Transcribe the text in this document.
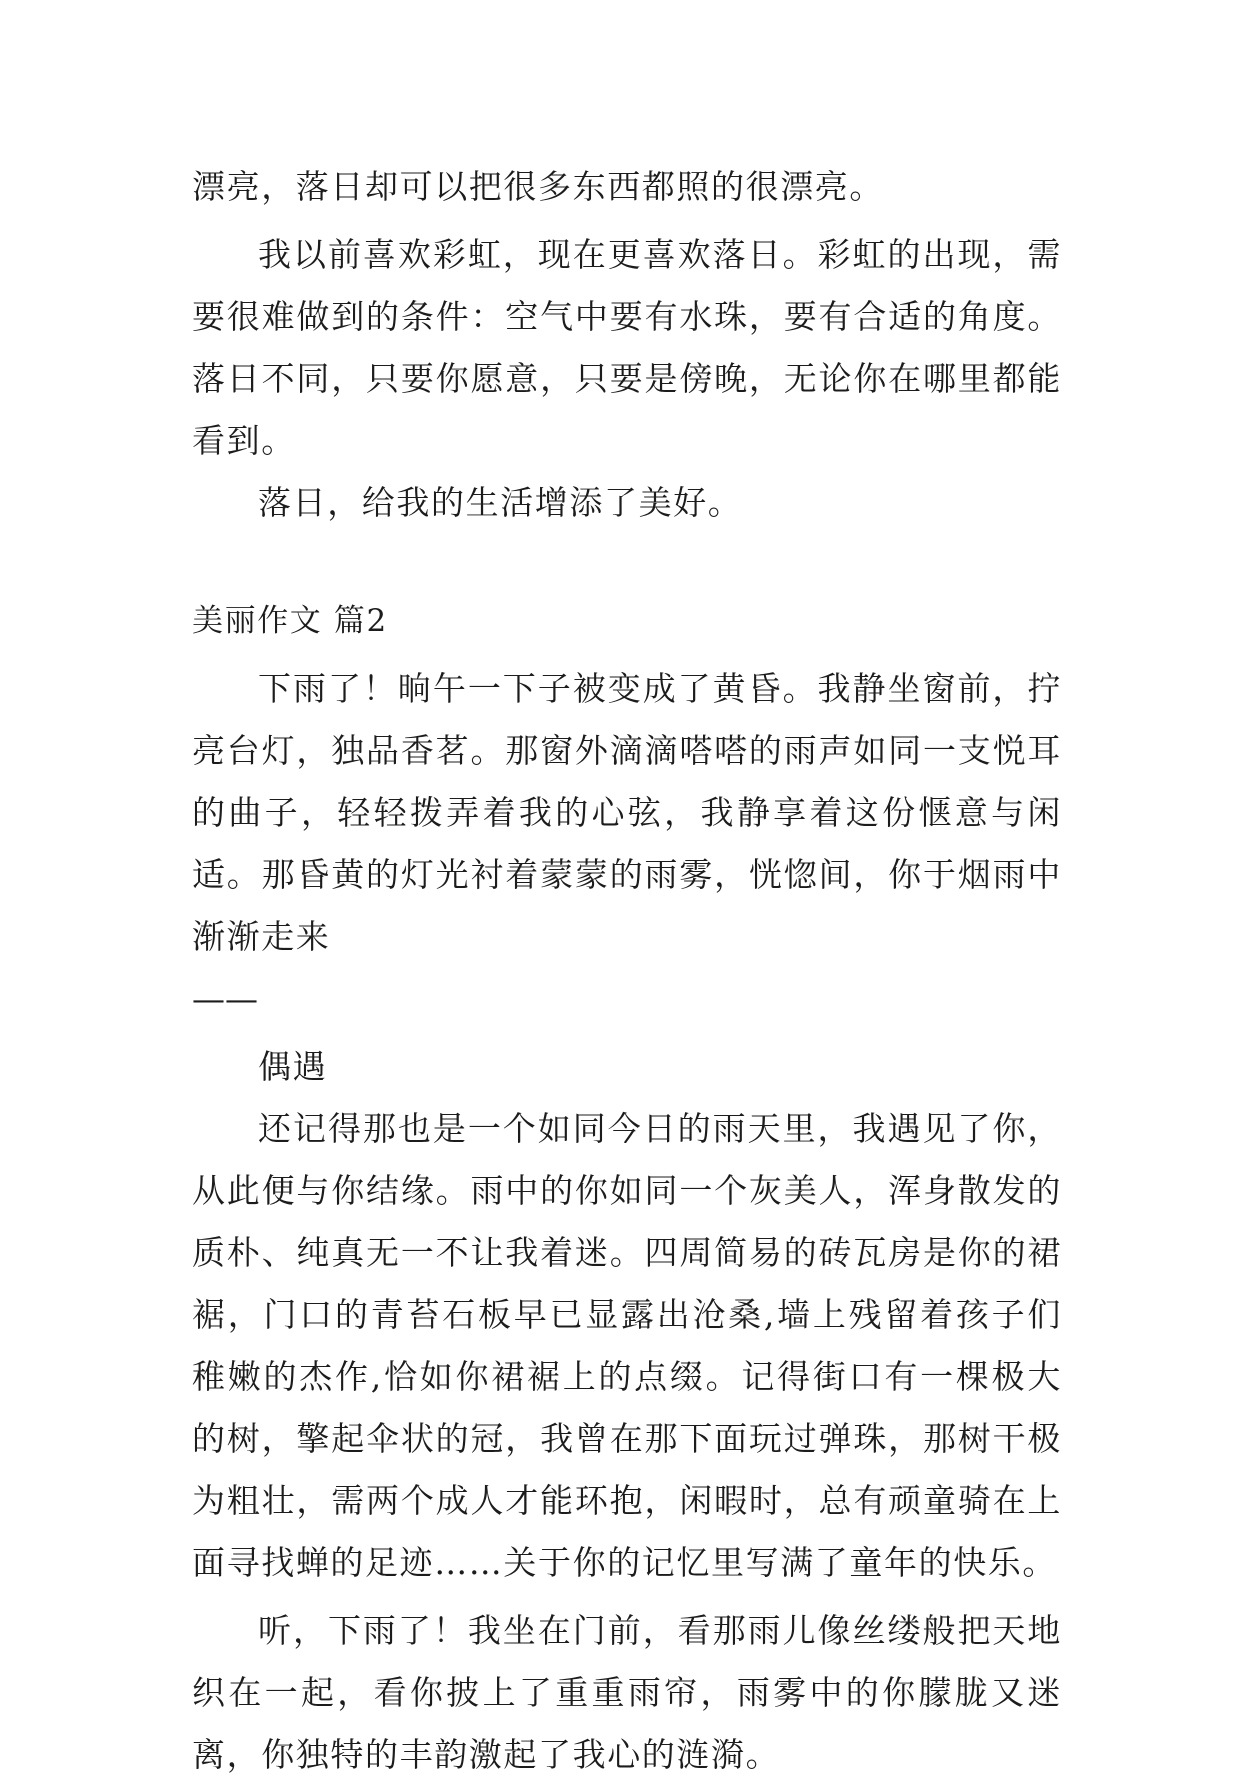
漂亮，落日却可以把很多东西都照的很漂亮。

我以前喜欢彩虹，现在更喜欢落日。彩虹的出现，需要很难做到的条件：空气中要有水珠，要有合适的角度。落日不同，只要你愿意，只要是傍晚，无论你在哪里都能看到。

落日，给我的生活增添了美好。

美丽作文 篇2

下雨了！晌午一下子被变成了黄昏。我静坐窗前，拧亮台灯，独品香茗。那窗外滴滴嗒嗒的雨声如同一支悦耳的曲子，轻轻拨弄着我的心弦，我静享着这份惬意与闲适。那昏黄的灯光衬着蒙蒙的雨雾，恍惚间，你于烟雨中渐渐走来

——

偶遇

还记得那也是一个如同今日的雨天里，我遇见了你，从此便与你结缘。雨中的你如同一个灰美人，浑身散发的质朴、纯真无一不让我着迷。四周简易的砖瓦房是你的裙裾，门口的青苔石板早已显露出沧桑,墙上残留着孩子们稚嫩的杰作,恰如你裙裾上的点缀。记得街口有一棵极大的树，擎起伞状的冠，我曾在那下面玩过弹珠，那树干极为粗壮，需两个成人才能环抱，闲暇时，总有顽童骑在上面寻找蝉的足迹……关于你的记忆里写满了童年的快乐。

听，下雨了！我坐在门前，看那雨儿像丝缕般把天地织在一起，看你披上了重重雨帘，雨雾中的你朦胧又迷离，你独特的丰韵激起了我心的涟漪。
